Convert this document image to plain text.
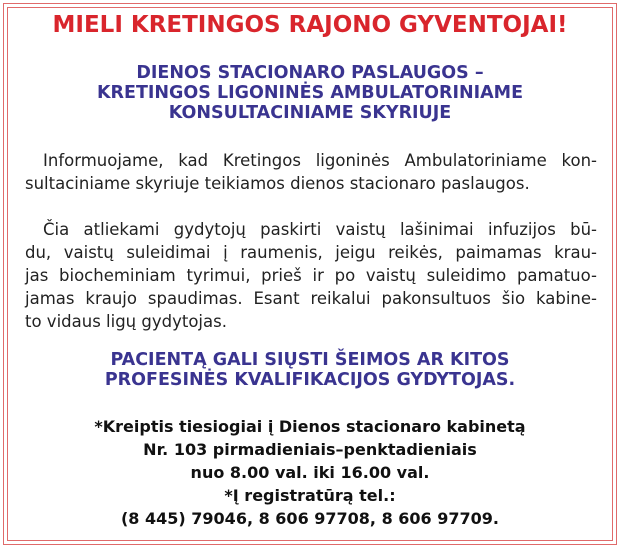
MIELI KRETINGOS RAJONO GYVENTOJAI!
DIENOS STACIONARO PASLAUGOS –
KRETINGOS LIGONINĖS AMBULATORINIAME
KONSULTACINIAME SKYRIUJE
Informuojame, kad Kretingos ligoninės Ambulatoriniame kon-
sultaciniame skyriuje teikiamos dienos stacionaro paslaugos.
Čia atliekami gydytojų paskirti vaistų lašinimai infuzijos bū-
du, vaistų suleidimai į raumenis, jeigu reikės, paimamas krau-
jas biocheminiam tyrimui, prieš ir po vaistų suleidimo pamatuo-
jamas kraujo spaudimas. Esant reikalui pakonsultuos šio kabine-
to vidaus ligų gydytojas.
PACIENTĄ GALI SIŲSTI ŠEIMOS AR KITOS
PROFESINĖS KVALIFIKACIJOS GYDYTOJAS.
*Kreiptis tiesiogiai į Dienos stacionaro kabinetą
Nr. 103 pirmadieniais–penktadieniais
nuo 8.00 val. iki 16.00 val.
*Į registratūrą tel.:
(8 445) 79046, 8 606 97708, 8 606 97709.
